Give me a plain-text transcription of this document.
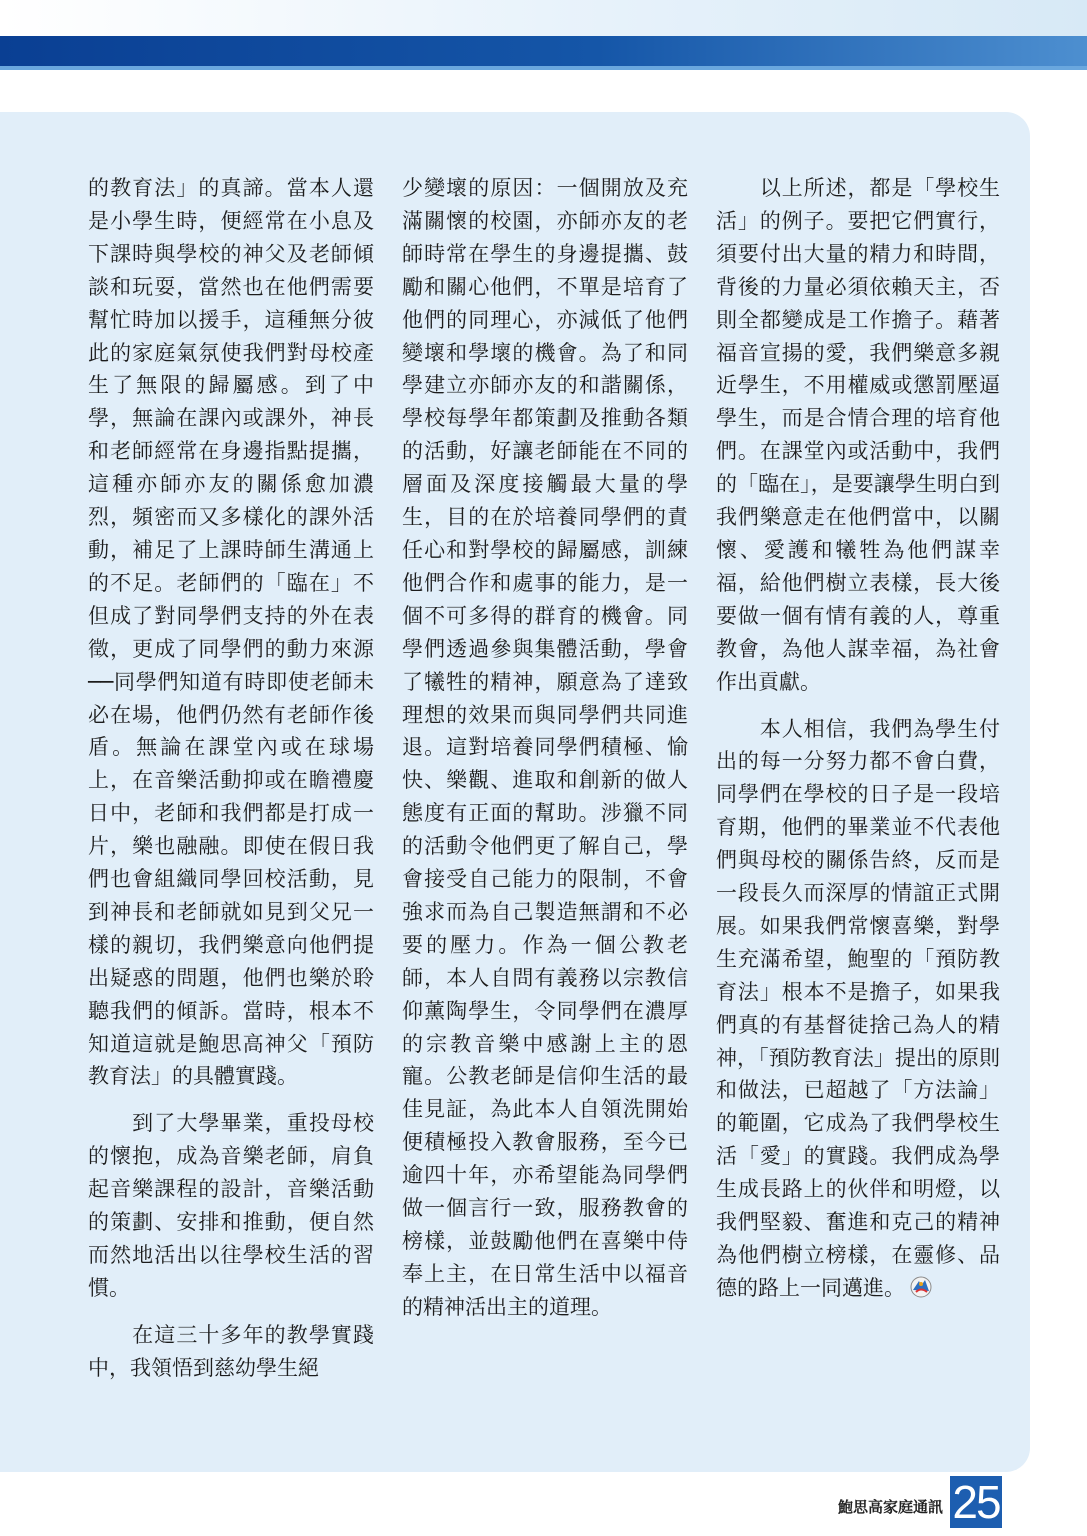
的教育法」的真諦。當本人還是小學生時，便經常在小息及下課時與學校的神父及老師傾談和玩耍，當然也在他們需要幫忙時加以援手，這種無分彼此的家庭氣氛使我們對母校產生了無限的歸屬感。到了中學，無論在課內或課外，神長和老師經常在身邊指點提攜，這種亦師亦友的關係愈加濃烈，頻密而又多樣化的課外活動，補足了上課時師生溝通上的不足。老師們的「臨在」不但成了對同學們支持的外在表徵，更成了同學們的動力來源──同學們知道有時即使老師未必在場，他們仍然有老師作後盾。無論在課堂內或在球場上，在音樂活動抑或在瞻禮慶日中，老師和我們都是打成一片，樂也融融。即使在假日我們也會組織同學回校活動，見到神長和老師就如見到父兄一樣的親切，我們樂意向他們提出疑惑的問題，他們也樂於聆聽我們的傾訴。當時，根本不知道這就是鮑思高神父「預防教育法」的具體實踐。

　　到了大學畢業，重投母校的懷抱，成為音樂老師，肩負起音樂課程的設計，音樂活動的策劃、安排和推動，便自然而然地活出以往學校生活的習慣。

　　在這三十多年的教學實踐中，我領悟到慈幼學生絕

少變壞的原因：一個開放及充滿關懷的校園，亦師亦友的老師時常在學生的身邊提攜、鼓勵和關心他們，不單是培育了他們的同理心，亦減低了他們變壞和學壞的機會。為了和同學建立亦師亦友的和諧關係，學校每學年都策劃及推動各類的活動，好讓老師能在不同的層面及深度接觸最大量的學生，目的在於培養同學們的責任心和對學校的歸屬感，訓練他們合作和處事的能力，是一個不可多得的群育的機會。同學們透過參與集體活動，學會了犧牲的精神，願意為了達致理想的效果而與同學們共同進退。這對培養同學們積極、愉快、樂觀、進取和創新的做人態度有正面的幫助。涉獵不同的活動令他們更了解自己，學會接受自己能力的限制，不會強求而為自己製造無謂和不必要的壓力。作為一個公教老師，本人自問有義務以宗教信仰薰陶學生，令同學們在濃厚的宗教音樂中感謝上主的恩寵。公教老師是信仰生活的最佳見証，為此本人自領洗開始便積極投入教會服務，至今已逾四十年，亦希望能為同學們做一個言行一致，服務教會的榜樣，並鼓勵他們在喜樂中侍奉上主，在日常生活中以福音的精神活出主的道理。

　　以上所述，都是「學校生活」的例子。要把它們實行，須要付出大量的精力和時間，背後的力量必須依賴天主，否則全都變成是工作擔子。藉著福音宣揚的愛，我們樂意多親近學生，不用權威或懲罰壓逼學生，而是合情合理的培育他們。在課堂內或活動中，我們的「臨在」，是要讓學生明白到我們樂意走在他們當中，以關懷、愛護和犧牲為他們謀幸福，給他們樹立表樣，長大後要做一個有情有義的人，尊重教會，為他人謀幸福，為社會作出貢獻。

　　本人相信，我們為學生付出的每一分努力都不會白費，同學們在學校的日子是一段培育期，他們的畢業並不代表他們與母校的關係告終，反而是一段長久而深厚的情誼正式開展。如果我們常懷喜樂，對學生充滿希望，鮑聖的「預防教育法」根本不是擔子，如果我們真的有基督徒捨己為人的精神，「預防教育法」提出的原則和做法，已超越了「方法論」的範圍，它成為了我們學校生活「愛」的實踐。我們成為學生成長路上的伙伴和明燈，以我們堅毅、奮進和克己的精神為他們樹立榜樣，在靈修、品德的路上一同邁進。

鮑思高家庭通訊 25
